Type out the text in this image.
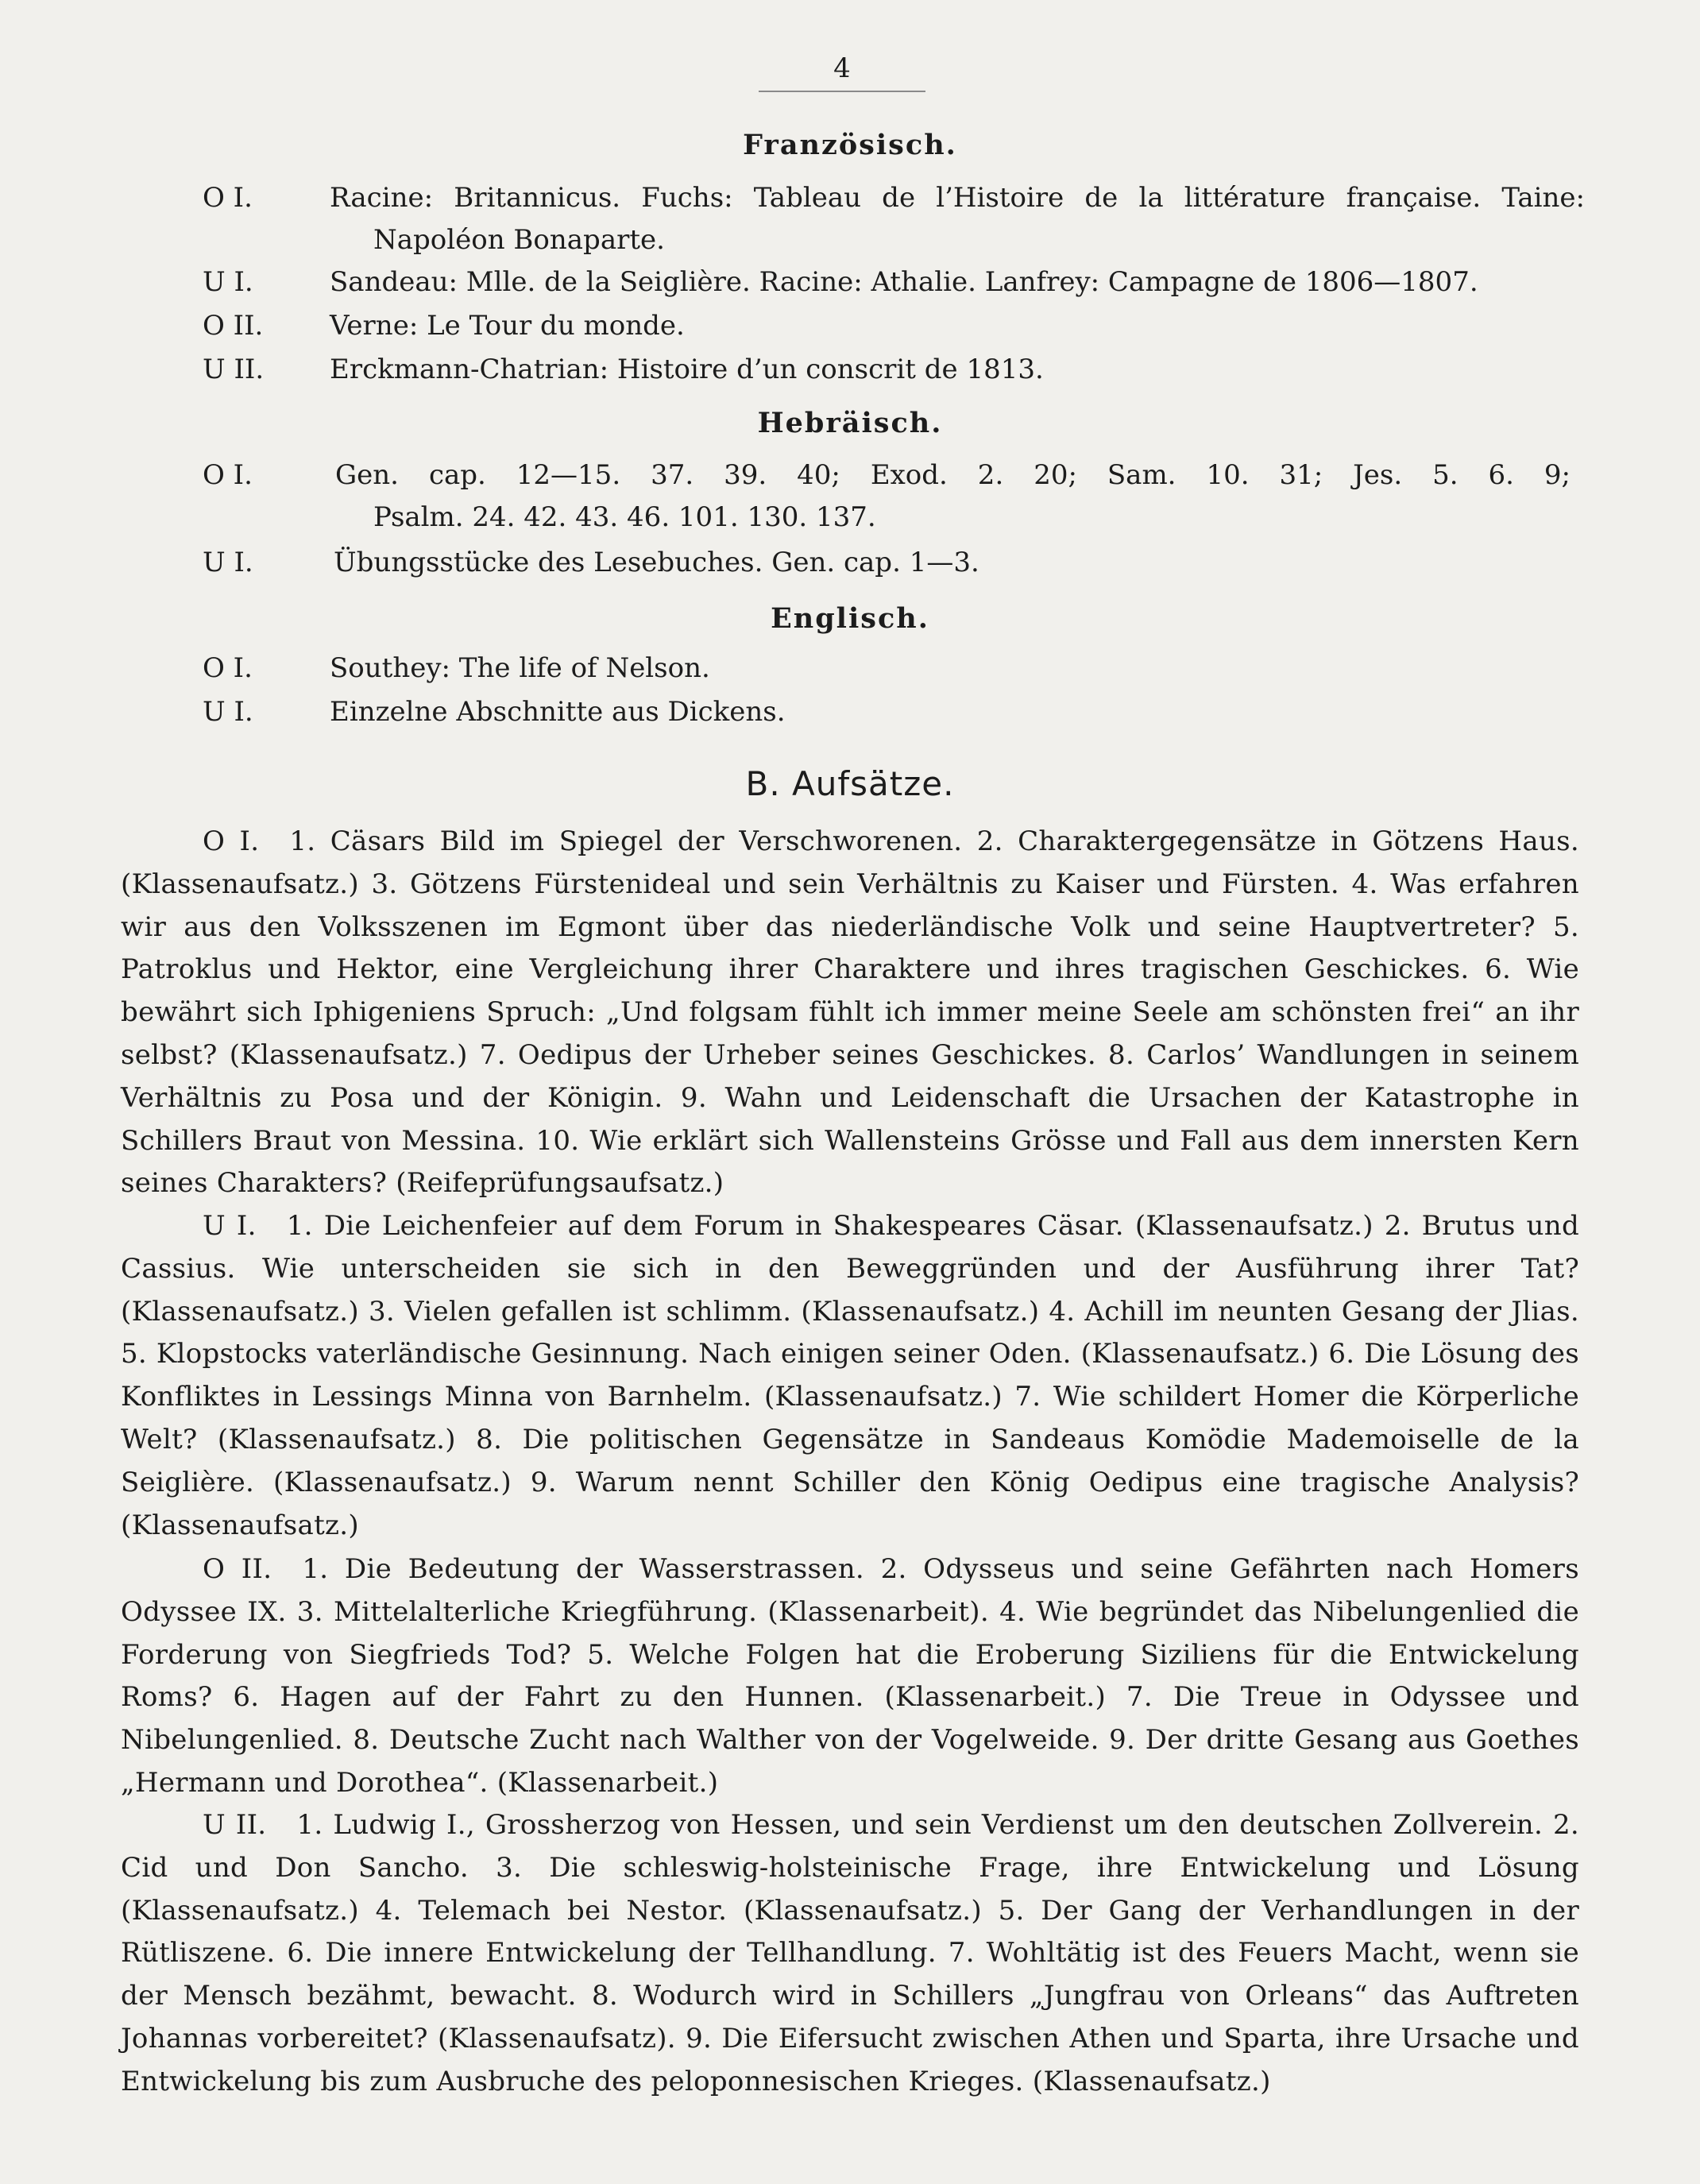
4
Französisch.
O I.	Racine: Britannicus. Fuchs: Tableau de l’Histoire de la littérature française. Taine:
Napoléon Bonaparte.
U I.	Sandeau: Mlle. de la Seiglière. Racine: Athalie. Lanfrey: Campagne de 1806—1807.
O II. Verne: Le Tour du monde.
U II. Erckmann-Chatrian: Histoire d’un conscrit de 1813.
Hebräisch.
O I.	Gen. cap. 12—15. 37. 39. 40; Exod. 2. 20; Sam. 10. 31; Jes. 5. 6. 9;
Psalm. 24. 42. 43. 46. 101. 130. 137.
U I.	Übungsstücke des Lesebuches. Gen. cap. 1—3.
Englisch.
O I.	Southey: The life of Nelson.
U I.	Einzelne Abschnitte aus Dickens.
B. Aufsätze.
O I. 1. Cäsars Bild im Spiegel der Verschworenen. 2. Charaktergegensätze in Götzens Haus. (Klassenaufsatz.) 3. Götzens Fürstenideal und sein Verhältnis zu Kaiser und Fürsten. 4. Was erfahren wir aus den Volksszenen im Egmont über das niederländische Volk und seine Hauptvertreter? 5. Patroklus und Hektor, eine Vergleichung ihrer Charaktere und ihres tragischen Geschickes. 6. Wie bewährt sich Iphigeniens Spruch: „Und folgsam fühlt ich immer meine Seele am schönsten frei“ an ihr selbst? (Klassenaufsatz.) 7. Oedipus der Urheber seines Geschickes. 8. Carlos’ Wandlungen in seinem Verhältnis zu Posa und der Königin. 9. Wahn und Leidenschaft die Ursachen der Katastrophe in Schillers Braut von Messina. 10. Wie erklärt sich Wallensteins Grösse und Fall aus dem innersten Kern seines Charakters? (Reifeprüfungsaufsatz.)
U I. 1. Die Leichenfeier auf dem Forum in Shakespeares Cäsar. (Klassenaufsatz.) 2. Brutus und Cassius. Wie unterscheiden sie sich in den Beweggründen und der Ausführung ihrer Tat? (Klassenaufsatz.) 3. Vielen gefallen ist schlimm. (Klassenaufsatz.) 4. Achill im neunten Gesang der Jlias. 5. Klopstocks vaterländische Gesinnung. Nach einigen seiner Oden. (Klassenaufsatz.) 6. Die Lösung des Konfliktes in Lessings Minna von Barnhelm. (Klassenaufsatz.) 7. Wie schildert Homer die Körperliche Welt? (Klassenaufsatz.) 8. Die politischen Gegensätze in Sandeaus Komödie Mademoiselle de la Seiglière. (Klassenaufsatz.) 9. Warum nennt Schiller den König Oedipus eine tragische Analysis? (Klassenaufsatz.)
O II. 1. Die Bedeutung der Wasserstrassen. 2. Odysseus und seine Gefährten nach Homers Odyssee IX. 3. Mittelalterliche Kriegführung. (Klassenarbeit). 4. Wie begründet das Nibelungenlied die Forderung von Siegfrieds Tod? 5. Welche Folgen hat die Eroberung Siziliens für die Entwickelung Roms? 6. Hagen auf der Fahrt zu den Hunnen. (Klassenarbeit.) 7. Die Treue in Odyssee und Nibelungenlied. 8. Deutsche Zucht nach Walther von der Vogelweide. 9. Der dritte Gesang aus Goethes „Hermann und Dorothea“. (Klassenarbeit.)
U II. 1. Ludwig I., Grossherzog von Hessen, und sein Verdienst um den deutschen Zollverein. 2. Cid und Don Sancho. 3. Die schleswig-holsteinische Frage, ihre Entwickelung und Lösung (Klassenaufsatz.) 4. Telemach bei Nestor. (Klassenaufsatz.) 5. Der Gang der Verhandlungen in der Rütliszene. 6. Die innere Entwickelung der Tellhandlung. 7. Wohltätig ist des Feuers Macht, wenn sie der Mensch bezähmt, bewacht. 8. Wodurch wird in Schillers „Jungfrau von Orleans“ das Auftreten Johannas vorbereitet? (Klassenaufsatz). 9. Die Eifersucht zwischen Athen und Sparta, ihre Ursache und Entwickelung bis zum Ausbruche des peloponnesischen Krieges. (Klassenaufsatz.)
